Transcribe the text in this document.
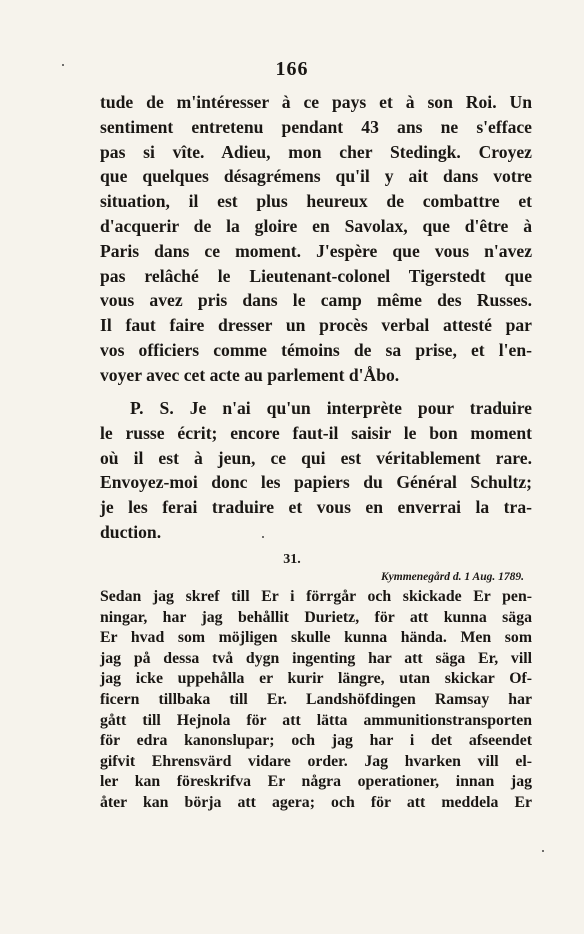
166
tude de m'intéresser à ce pays et à son Roi. Un
sentiment entretenu pendant 43 ans ne s'efface
pas si vîte. Adieu, mon cher Stedingk. Croyez
que quelques désagrémens qu'il y ait dans votre
situation, il est plus heureux de combattre et
d'acquerir de la gloire en Savolax, que d'être à
Paris dans ce moment. J'espère que vous n'avez
pas relâché le Lieutenant-colonel Tigerstedt que
vous avez pris dans le camp même des Russes.
Il faut faire dresser un procès verbal attesté par
vos officiers comme témoins de sa prise, et l'en-
voyer avec cet acte au parlement d'Åbo.
P. S. Je n'ai qu'un interprète pour traduire
le russe écrit; encore faut-il saisir le bon moment
où il est à jeun, ce qui est véritablement rare.
Envoyez-moi donc les papiers du Général Schultz;
je les ferai traduire et vous en enverrai la tra-
duction.
31.
Kymmenegård d. 1 Aug. 1789.
Sedan jag skref till Er i förrgår och skickade Er pen-
ningar, har jag behållit Durietz, för att kunna säga
Er hvad som möjligen skulle kunna hända. Men som
jag på dessa två dygn ingenting har att säga Er, vill
jag icke uppehålla er kurir längre, utan skickar Of-
ficern tillbaka till Er. Landshöfdingen Ramsay har
gått till Hejnola för att lätta ammunitionstransporten
för edra kanonslupar; och jag har i det afseendet
gifvit Ehrensvärd vidare order. Jag hvarken vill el-
ler kan föreskrifva Er några operationer, innan jag
åter kan börja att agera; och för att meddela Er
